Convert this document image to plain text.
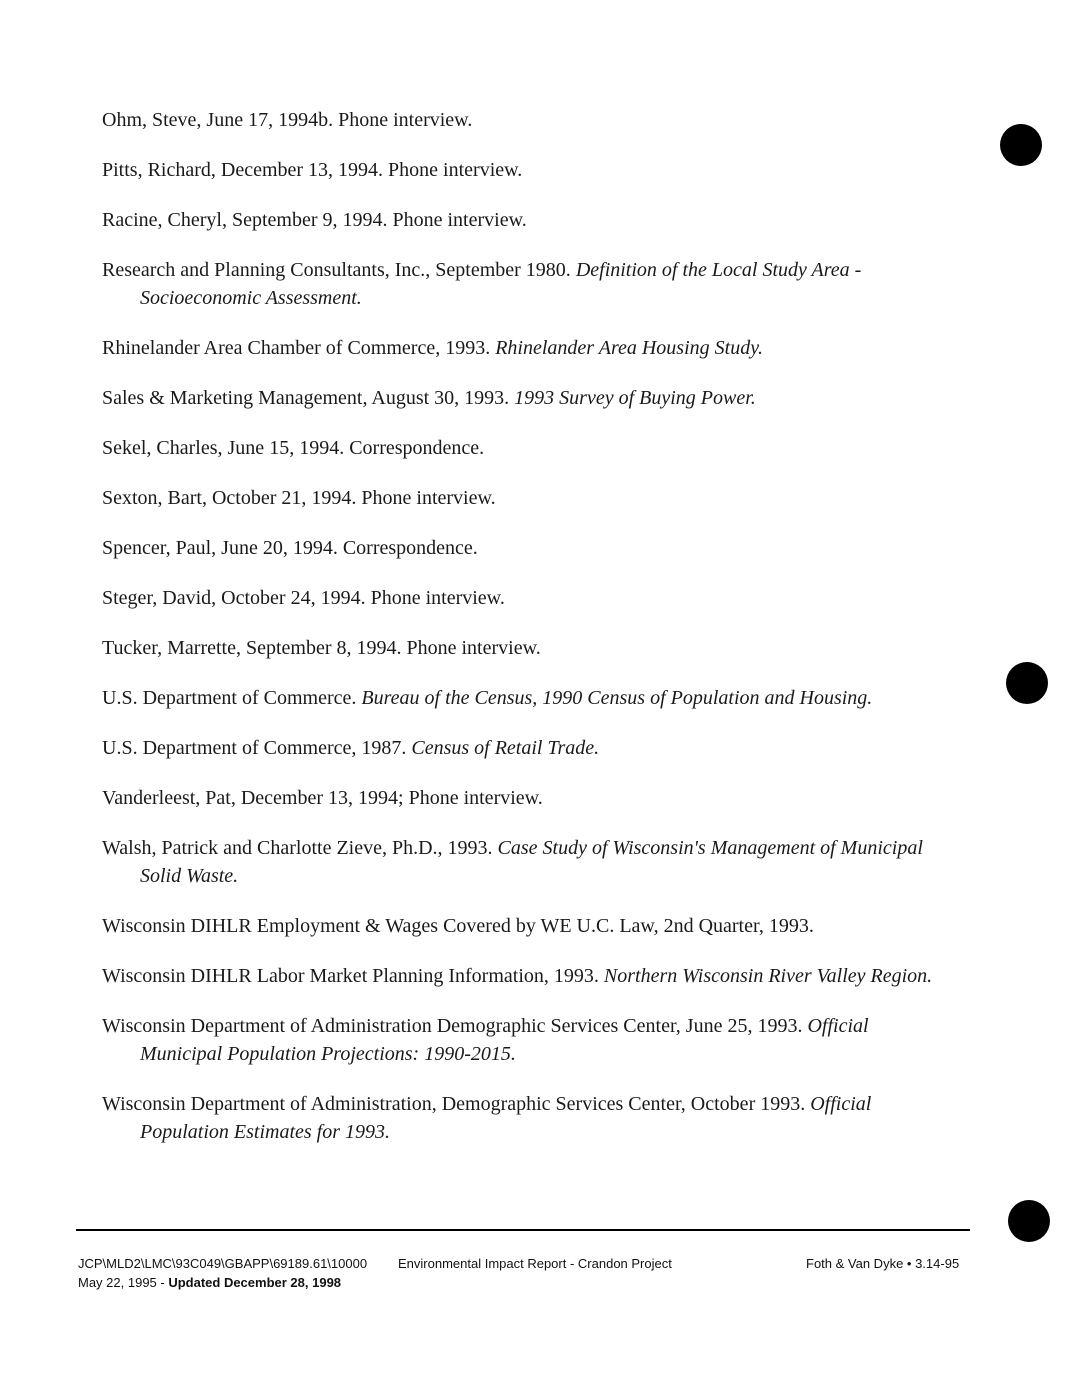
Ohm, Steve, June 17, 1994b. Phone interview.
Pitts, Richard, December 13, 1994. Phone interview.
Racine, Cheryl, September 9, 1994. Phone interview.
Research and Planning Consultants, Inc., September 1980. Definition of the Local Study Area - Socioeconomic Assessment.
Rhinelander Area Chamber of Commerce, 1993. Rhinelander Area Housing Study.
Sales & Marketing Management, August 30, 1993. 1993 Survey of Buying Power.
Sekel, Charles, June 15, 1994. Correspondence.
Sexton, Bart, October 21, 1994. Phone interview.
Spencer, Paul, June 20, 1994. Correspondence.
Steger, David, October 24, 1994. Phone interview.
Tucker, Marrette, September 8, 1994. Phone interview.
U.S. Department of Commerce. Bureau of the Census, 1990 Census of Population and Housing.
U.S. Department of Commerce, 1987. Census of Retail Trade.
Vanderleest, Pat, December 13, 1994; Phone interview.
Walsh, Patrick and Charlotte Zieve, Ph.D., 1993. Case Study of Wisconsin's Management of Municipal Solid Waste.
Wisconsin DIHLR Employment & Wages Covered by WE U.C. Law, 2nd Quarter, 1993.
Wisconsin DIHLR Labor Market Planning Information, 1993. Northern Wisconsin River Valley Region.
Wisconsin Department of Administration Demographic Services Center, June 25, 1993. Official Municipal Population Projections: 1990-2015.
Wisconsin Department of Administration, Demographic Services Center, October 1993. Official Population Estimates for 1993.
JCP\MLD2\LMC\93C049\GBAPP\69189.61\10000
May 22, 1995 - Updated December 28, 1998
Environmental Impact Report - Crandon Project	Foth & Van Dyke • 3.14-95
